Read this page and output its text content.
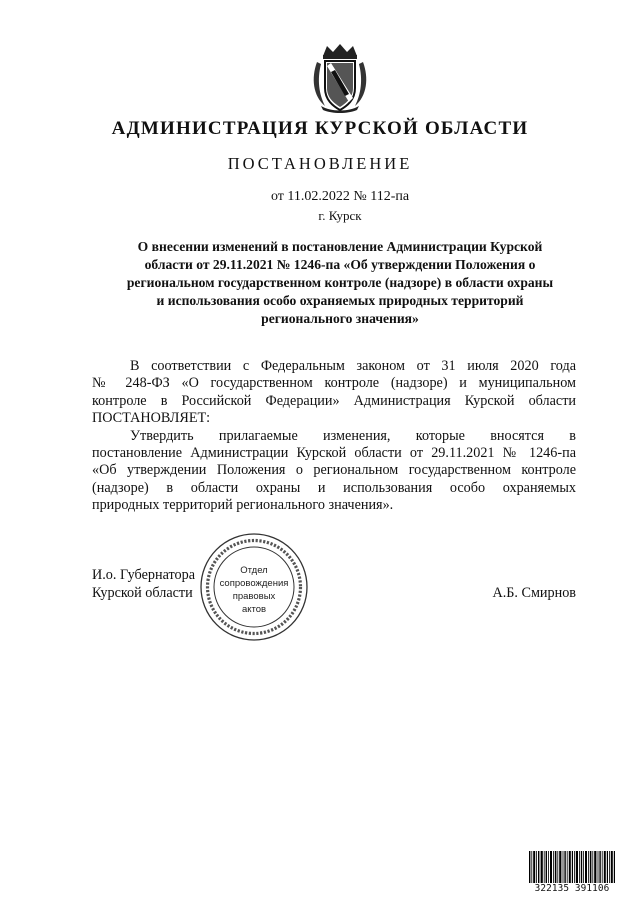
АДМИНИСТРАЦИЯ КУРСКОЙ ОБЛАСТИ
ПОСТАНОВЛЕНИЕ
от 11.02.2022 № 112-па
г. Курск
О внесении изменений в постановление Администрации Курской
области от 29.11.2021 № 1246-па «Об утверждении Положения о
региональном государственном контроле (надзоре) в области охраны
и использования особо охраняемых природных территорий
регионального значения»
В соответствии с Федеральным законом от 31 июля 2020 года
№ 248-ФЗ «О государственном контроле (надзоре) и муниципальном
контроле в Российской Федерации» Администрация Курской области
ПОСТАНОВЛЯЕТ:
Утвердить прилагаемые изменения, которые вносятся в
постановление Администрации Курской области от 29.11.2021 № 1246-па
«Об утверждении Положения о региональном государственном контроле
(надзоре) в области охраны и использования особо охраняемых
природных территорий регионального значения».
И.о. Губернатора
Курской области	А.Б. Смирнов
Отдел
сопровождения
правовых
актов
322135 391106
